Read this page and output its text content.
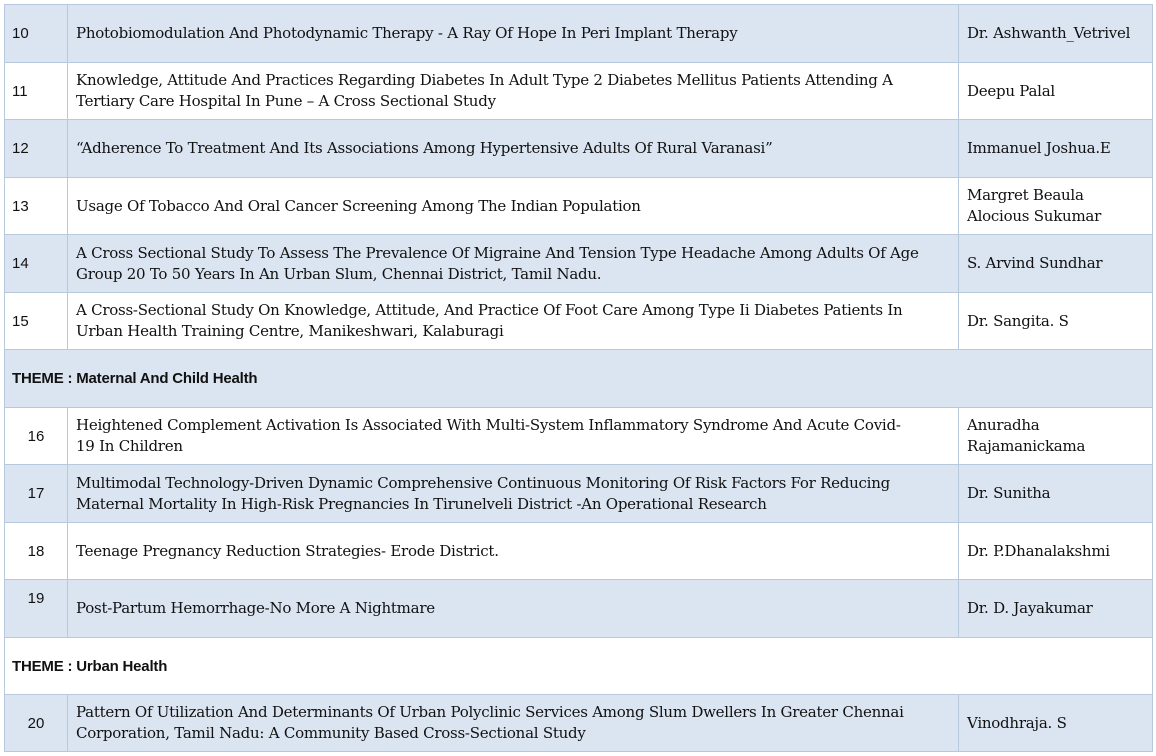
10	Photobiomodulation And Photodynamic Therapy - A Ray Of Hope In Peri Implant Therapy	Dr. Ashwanth_Vetrivel

11	Knowledge, Attitude And Practices Regarding Diabetes In Adult Type 2 Diabetes Mellitus Patients Attending A
Tertiary Care Hospital In Pune – A Cross Sectional Study	Deepu Palal

12	“Adherence To Treatment And Its Associations Among Hypertensive Adults Of Rural Varanasi”	Immanuel Joshua.E

13	Usage Of Tobacco And Oral Cancer Screening Among The Indian Population	Margret Beaula
Alocious Sukumar

14	A Cross Sectional Study To Assess The Prevalence Of Migraine And Tension Type Headache Among Adults Of Age
Group 20 To 50 Years In An Urban Slum, Chennai District, Tamil Nadu.	S. Arvind Sundhar

15	A Cross-Sectional Study On Knowledge, Attitude, And Practice Of Foot Care Among Type Ii Diabetes Patients In
Urban Health Training Centre, Manikeshwari, Kalaburagi	Dr. Sangita. S

THEME : Maternal And Child Health		
16	Heightened Complement Activation Is Associated With Multi-System Inflammatory Syndrome And Acute Covid-
19 In Children	Anuradha
Rajamanickama

17	Multimodal Technology-Driven Dynamic Comprehensive Continuous Monitoring Of Risk Factors For Reducing
Maternal Mortality In High-Risk Pregnancies In Tirunelveli District -An Operational Research	Dr. Sunitha

18	Teenage Pregnancy Reduction Strategies- Erode District.	Dr. P.Dhanalakshmi

19	Post-Partum Hemorrhage-No More A Nightmare	Dr. D. Jayakumar

THEME : Urban Health		
20	Pattern Of Utilization And Determinants Of Urban Polyclinic Services Among Slum Dwellers In Greater Chennai
Corporation, Tamil Nadu: A Community Based Cross-Sectional Study	Vinodhraja. S
